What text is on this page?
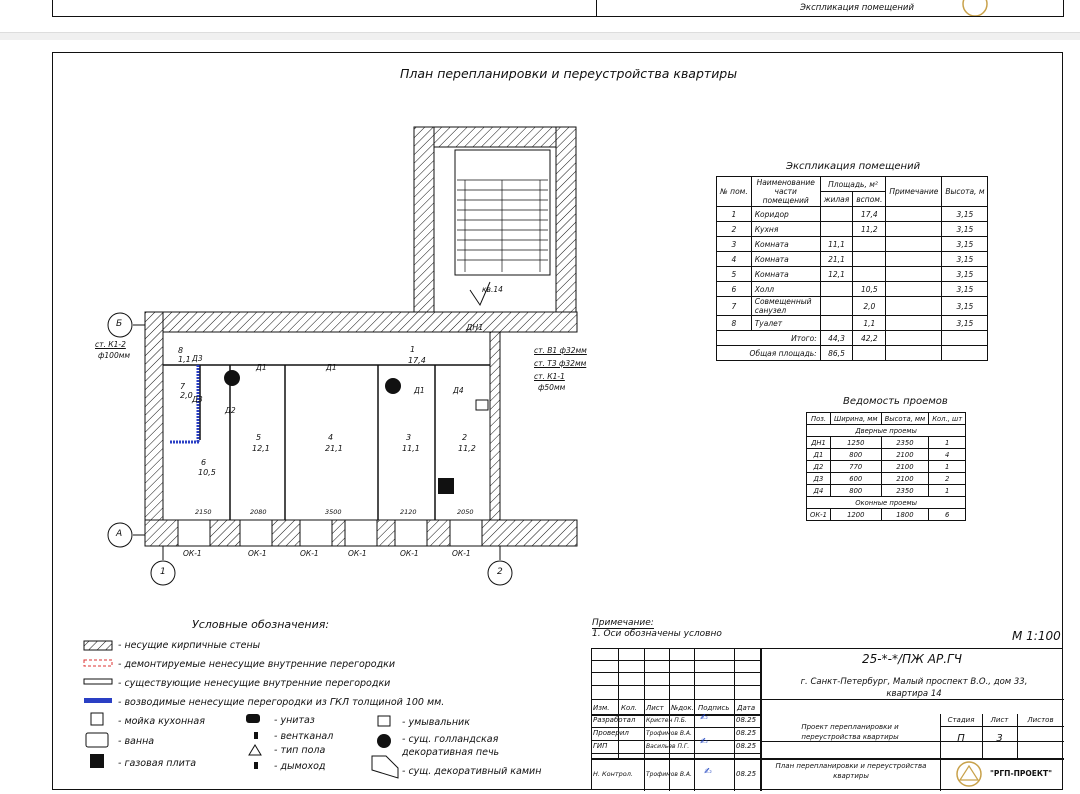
Экспликация помещений
План перепланировки и переустройства квартиры
Б
А
1	2
ст. К1-2
ф100мм
ст. В1 ф32мм
ст. Т3 ф32мм
ст. К1-1
ф50мм
кв.14
ДН1
1
17,4
2
11,2
3
11,1
4
21,1
5
12,1
6
10,5
7
2,0
8
1,1
2150	2080	3500	2120	2050
ОК-1	ОК-1	ОК-1	ОК-1	ОК-1	ОК-1
Д1	Д1
Д1
Д2
Д3
Д3
Д4
Экспликация помещений
№ пом.	Наименование части помещений	Площадь, м²		Примечание	Высота, м
		жилая	вспом.		
1	Коридор		17,4		3,15
2	Кухня		11,2		3,15
3	Комната	11,1			3,15
4	Комната	21,1			3,15
5	Комната	12,1			3,15
6	Холл		10,5		3,15
7	Совмещенный санузел		2,0		3,15
8	Туалет		1,1		3,15
Итого:		44,3	42,2		
Общая площадь:		86,5			
Ведомость проемов
Поз.	Ширина, мм	Высота, мм	Кол., шт
Дверные проемы			
ДН1	1250	2350	1
Д1	800	2100	4
Д2	770	2100	1
Д3	600	2100	2
Д4	800	2350	1
Оконные проемы			
ОК-1	1200	1800	6
Условные обозначения:
- несущие кирпичные стены
- демонтируемые ненесущие внутренние перегородки
- существующие ненесущие внутренние перегородки
- возводимые ненесущие перегородки из ГКЛ толщиной 100 мм.
- мойка кухонная
- ванна
- газовая плита
- унитаз
- вентканал
- тип пола
- дымоход
- умывальник
- сущ. голландская декоративная печь
- сущ. декоративный камин
Примечание:
1. Оси обозначены условно	М 1:100
25-*-*/ПЖ АР.ГЧ
г. Санкт-Петербург, Малый проспект В.О., дом 33, квартира 14
Изм. Кол. Лист №док. Подпись Дата
Разработал Кристен П.Б.	08.25
Проверил	Трофимов В.А.	08.25
ГИП	Васильев П.Г.	08.25
Н. Контрол. Трофимов В.А.	08.25
✍
✍
✍
Проект перепланировки и переустройства квартиры
План перепланировки и переустройства квартиры
Стадия	Лист	Листов
П	3
"РГП-ПРОЕКТ"
